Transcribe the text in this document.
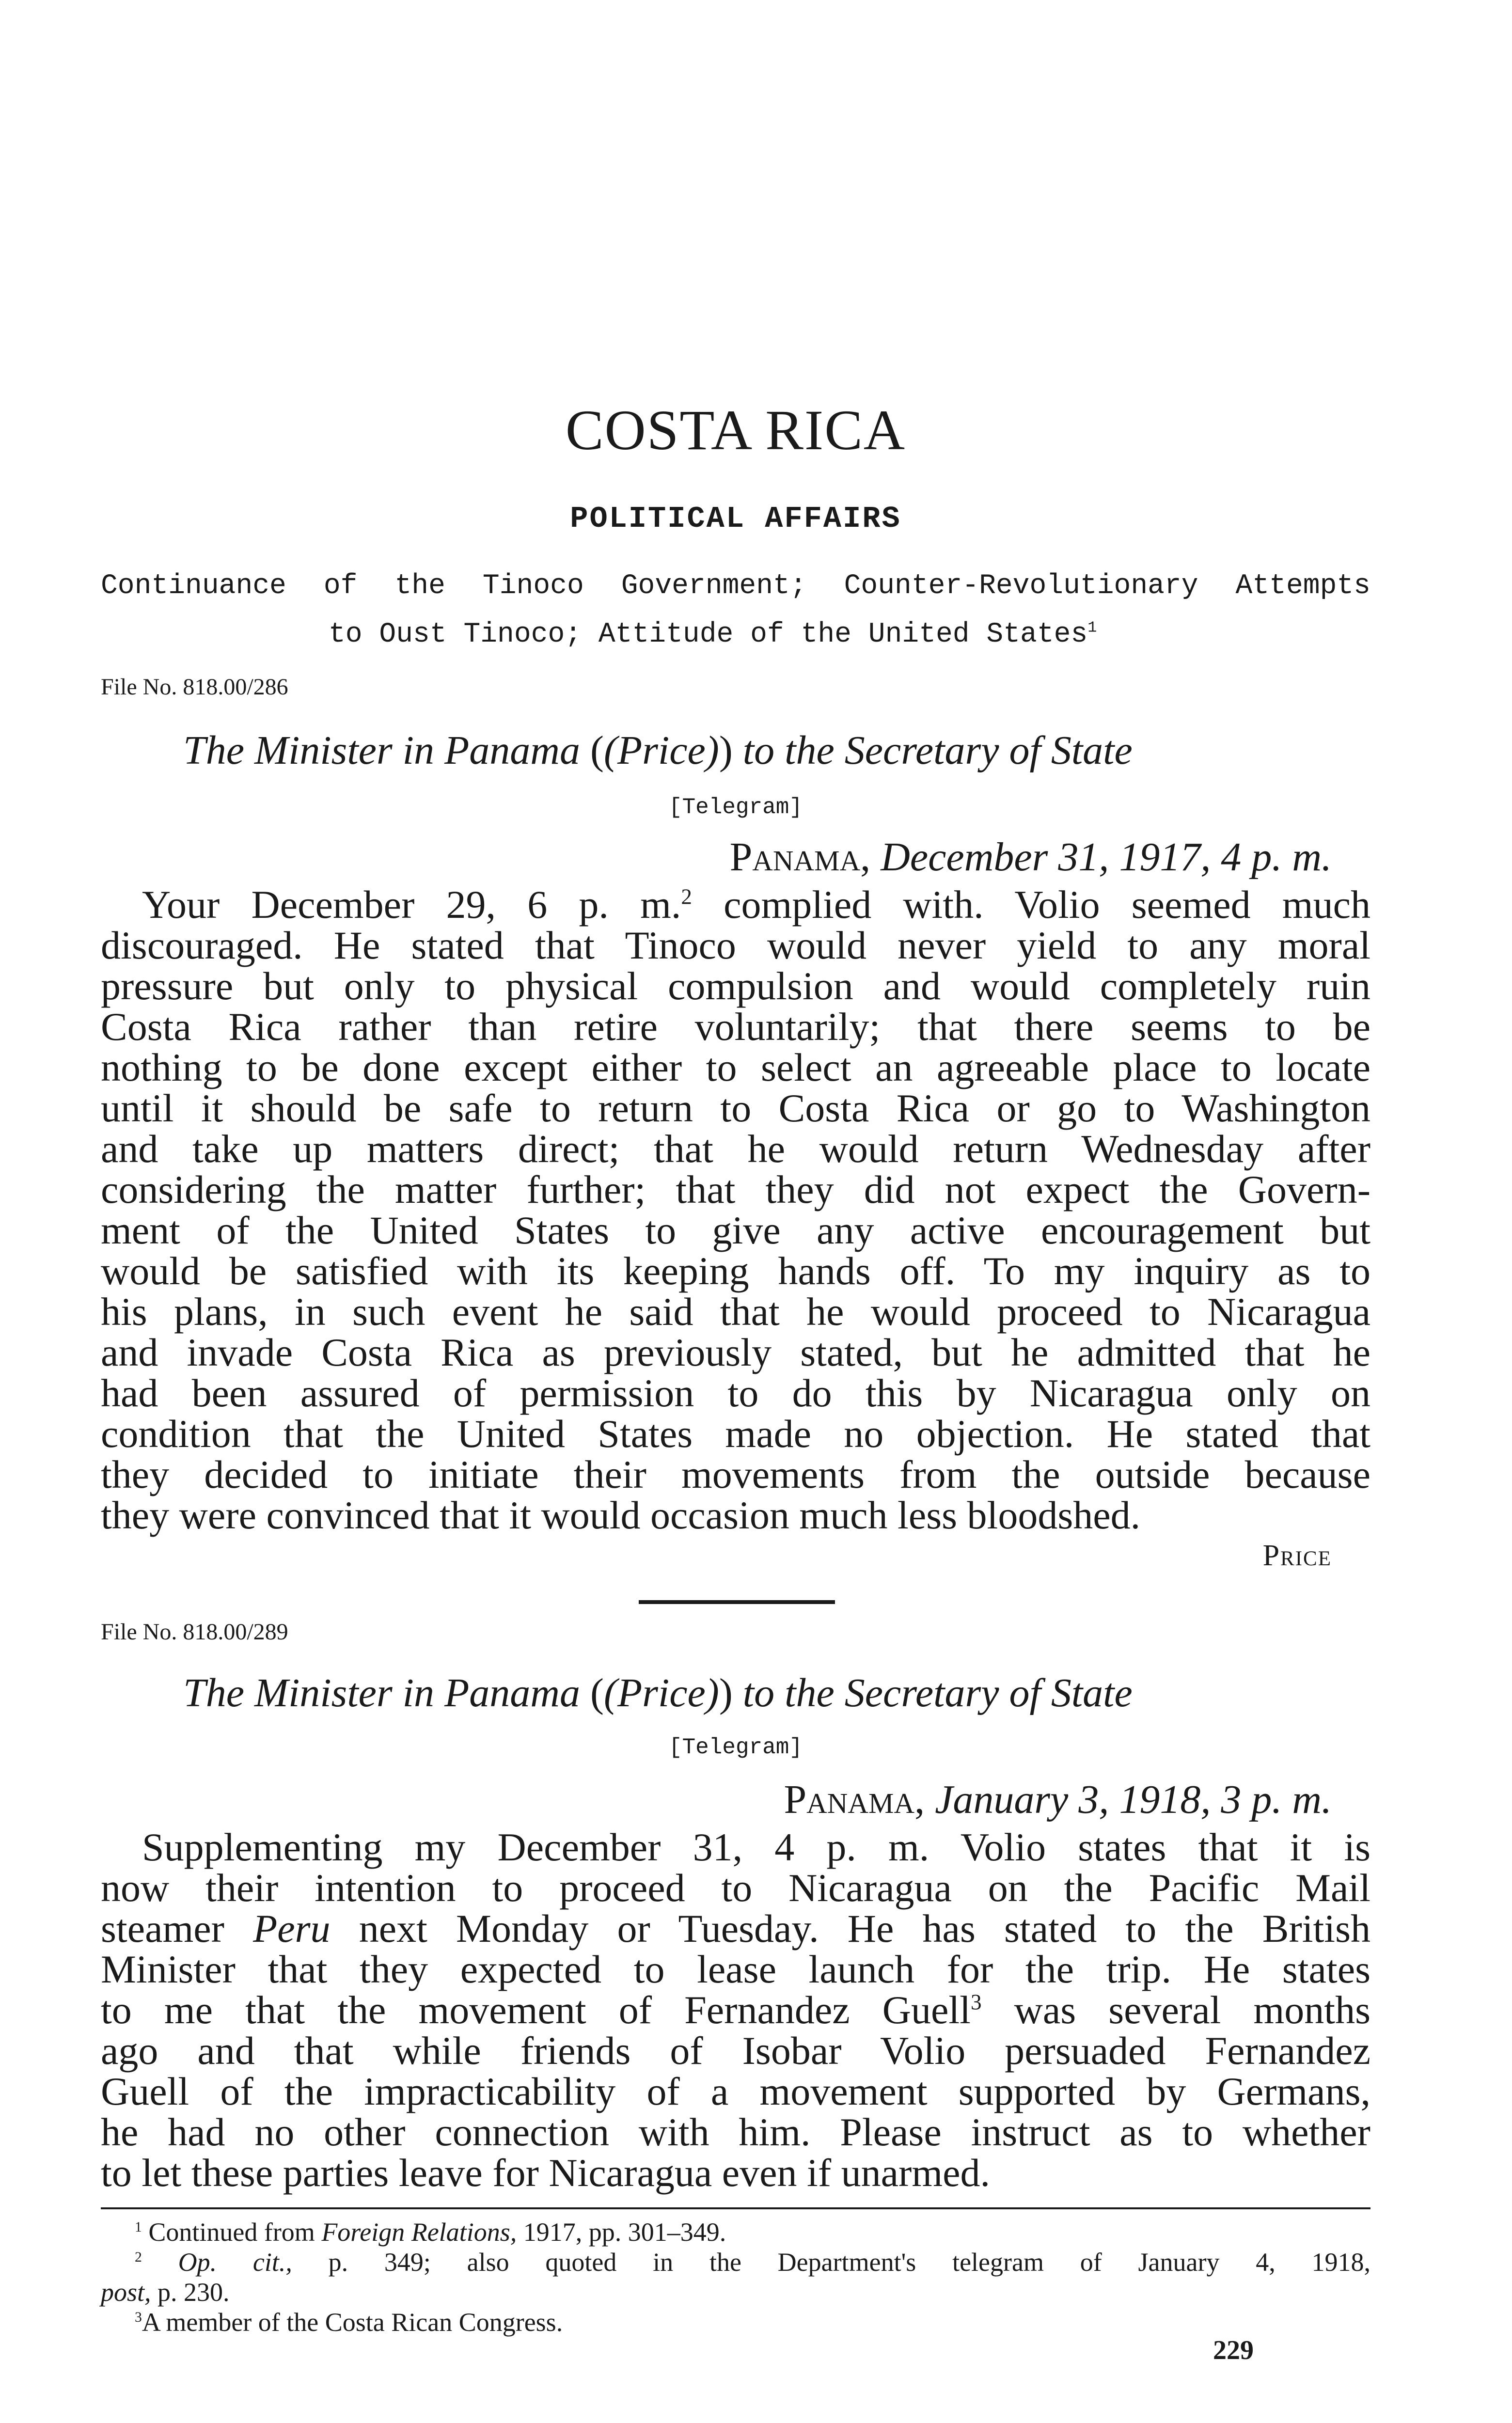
COSTA RICA
POLITICAL AFFAIRS
Continuance of the Tinoco Government; Counter-Revolutionary Attempts
to Oust Tinoco; Attitude of the United States$^1$
File No. 818.00/286
The Minister in Panama ((Price)) to the Secretary of State
[Telegram]
Panama, December 31, 1917, 4 p. m.
Your December 29, 6 p. m.$^2$ complied with. Volio seemed much
discouraged. He stated that Tinoco would never yield to any moral
pressure but only to physical compulsion and would completely ruin
Costa Rica rather than retire voluntarily; that there seems to be
nothing to be done except either to select an agreeable place to locate
until it should be safe to return to Costa Rica or go to Washington
and take up matters direct; that he would return Wednesday after
considering the matter further; that they did not expect the Govern-
ment of the United States to give any active encouragement but
would be satisfied with its keeping hands off. To my inquiry as to
his plans, in such event he said that he would proceed to Nicaragua
and invade Costa Rica as previously stated, but he admitted that he
had been assured of permission to do this by Nicaragua only on
condition that the United States made no objection. He stated that
they decided to initiate their movements from the outside because
they were convinced that it would occasion much less bloodshed.
Price
File No. 818.00/289
The Minister in Panama ((Price)) to the Secretary of State
[Telegram]
Panama, January 3, 1918, 3 p. m.
Supplementing my December 31, 4 p. m. Volio states that it is
now their intention to proceed to Nicaragua on the Pacific Mail
steamer Peru next Monday or Tuesday. He has stated to the British
Minister that they expected to lease launch for the trip. He states
to me that the movement of Fernandez Guell$^3$ was several months
ago and that while friends of Isobar Volio persuaded Fernandez
Guell of the impracticability of a movement supported by Germans,
he had no other connection with him. Please instruct as to whether
to let these parties leave for Nicaragua even if unarmed.
$^1$ Continued from Foreign Relations, 1917, pp. 301–349.
$^2$ Op. cit., p. 349; also quoted in the Department's telegram of January 4, 1918,
post, p. 230.
$^3$A member of the Costa Rican Congress.
229
